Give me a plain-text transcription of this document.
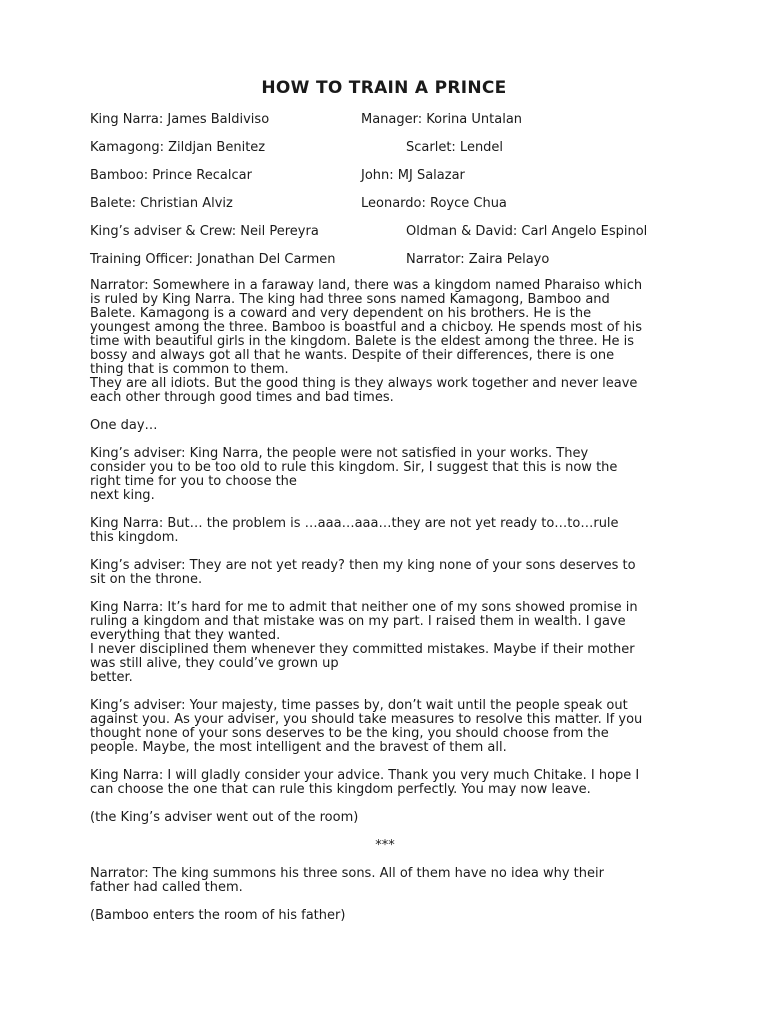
HOW TO TRAIN A PRINCE
King Narra: James Baldiviso	Manager: Korina Untalan
Kamagong: Zildjan Benitez	Scarlet: Lendel
Bamboo: Prince Recalcar	John: MJ Salazar
Balete: Christian Alviz	Leonardo: Royce Chua
King’s adviser & Crew: Neil Pereyra	Oldman & David: Carl Angelo Espinol
Training Officer: Jonathan Del Carmen	Narrator: Zaira Pelayo

Narrator: Somewhere in a faraway land, there was a kingdom named Pharaiso which
is ruled by King Narra. The king had three sons named Kamagong, Bamboo and
Balete. Kamagong is a coward and very dependent on his brothers. He is the
youngest among the three. Bamboo is boastful and a chicboy. He spends most of his
time with beautiful girls in the kingdom. Balete is the eldest among the three. He is
bossy and always got all that he wants. Despite of their differences, there is one
thing that is common to them.
They are all idiots. But the good thing is they always work together and never leave
each other through good times and bad times.

One day…

King’s adviser: King Narra, the people were not satisfied in your works. They
consider you to be too old to rule this kingdom. Sir, I suggest that this is now the
right time for you to choose the
next king.

King Narra: But… the problem is …aaa…aaa…they are not yet ready to…to…rule
this kingdom.

King’s adviser: They are not yet ready? then my king none of your sons deserves to
sit on the throne.

King Narra: It’s hard for me to admit that neither one of my sons showed promise in
ruling a kingdom and that mistake was on my part. I raised them in wealth. I gave
everything that they wanted.
I never disciplined them whenever they committed mistakes. Maybe if their mother
was still alive, they could’ve grown up
better.

King’s adviser: Your majesty, time passes by, don’t wait until the people speak out
against you. As your adviser, you should take measures to resolve this matter. If you
thought none of your sons deserves to be the king, you should choose from the
people. Maybe, the most intelligent and the bravest of them all.

King Narra: I will gladly consider your advice. Thank you very much Chitake. I hope I
can choose the one that can rule this kingdom perfectly. You may now leave.

(the King’s adviser went out of the room)

***

Narrator: The king summons his three sons. All of them have no idea why their
father had called them.

(Bamboo enters the room of his father)
